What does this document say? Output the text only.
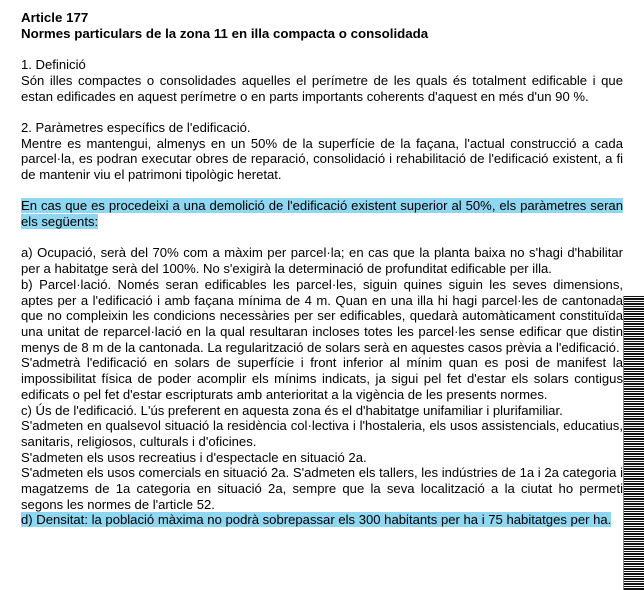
Article 177
Normes particulars de la zona 11 en illa compacta o consolidada
1. Definició
Són illes compactes o consolidades aquelles el perímetre de les quals és totalment edificable i que estan edificades en aquest perímetre o en parts importants coherents d'aquest en més d'un 90 %.
2. Paràmetres específics de l'edificació.
Mentre es mantengui, almenys en un 50% de la superfície de la façana, l'actual construcció a cada parcel·la, es podran executar obres de reparació, consolidació i rehabilitació de l'edificació existent, a fi de mantenir viu el patrimoni tipològic heretat.
En cas que es procedeixi a una demolició de l'edificació existent superior al 50%, els paràmetres seran els següents:
a) Ocupació, serà del 70% com a màxim per parcel·la; en cas que la planta baixa no s'hagi d'habilitar per a habitatge serà del 100%. No s'exigirà la determinació de profunditat edificable per illa.
b) Parcel·lació. Només seran edificables les parcel·les, siguin quines siguin les seves dimensions, aptes per a l'edificació i amb façana mínima de 4 m. Quan en una illa hi hagi parcel·les de cantonada que no compleixin les condicions necessàries per ser edificables, quedarà automàticament constituïda una unitat de reparcel·lació en la qual resultaran incloses totes les parcel·les sense edificar que distin menys de 8 m de la cantonada. La regularització de solars serà en aquestes casos prèvia a l'edificació.
S'admetrà l'edificació en solars de superfície i front inferior al mínim quan es posi de manifest la impossibilitat física de poder acomplir els mínims indicats, ja sigui pel fet d'estar els solars contigus edificats o pel fet d'estar escripturats amb anterioritat a la vigència de les presents normes.
c) Ús de l'edificació. L'ús preferent en aquesta zona és el d'habitatge unifamiliar i plurifamiliar.
S'admeten en qualsevol situació la residència col·lectiva i l'hostaleria, els usos assistencials, educatius, sanitaris, religiosos, culturals i d'oficines.
S'admeten els usos recreatius i d'espectacle en situació 2a.
S'admeten els usos comercials en situació 2a. S'admeten els tallers, les indústries de 1a i 2a categoria i magatzems de 1a categoria en situació 2a, sempre que la seva localització a la ciutat ho permeti segons les normes de l'article 52.
d) Densitat: la població màxima no podrà sobrepassar els 300 habitants per ha i 75 habitatges per ha.
